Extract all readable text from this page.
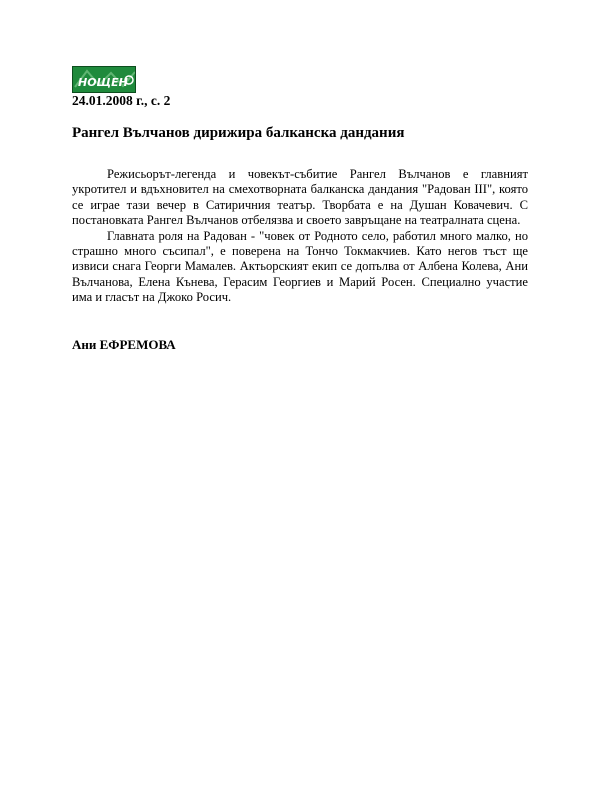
НОЩЕН
24.01.2008 г., с. 2
Рангел Вълчанов дирижира балканска дандания

Режисьорът-легенда и човекът-събитие Рангел Вълчанов е главният укротител и вдъхновител на смехотворната балканска дандания "Радован III", която се играе тази вечер в Сатиричния театър. Творбата е на Душан Ковачевич. С постановката Рангел Вълчанов отбелязва и своето завръщане на театралната сцена.

Главната роля на Радован - "човек от Родното село, работил много малко, но страшно много съсипал", е поверена на Тончо Токмакчиев. Като негов тъст ще извиси снага Георги Мамалев. Актьорският екип се допълва от Албена Колева, Ани Вълчанова, Елена Кънева, Герасим Георгиев и Марий Росен. Специално участие има и гласът на Джоко Росич.

Ани ЕФРЕМОВА
